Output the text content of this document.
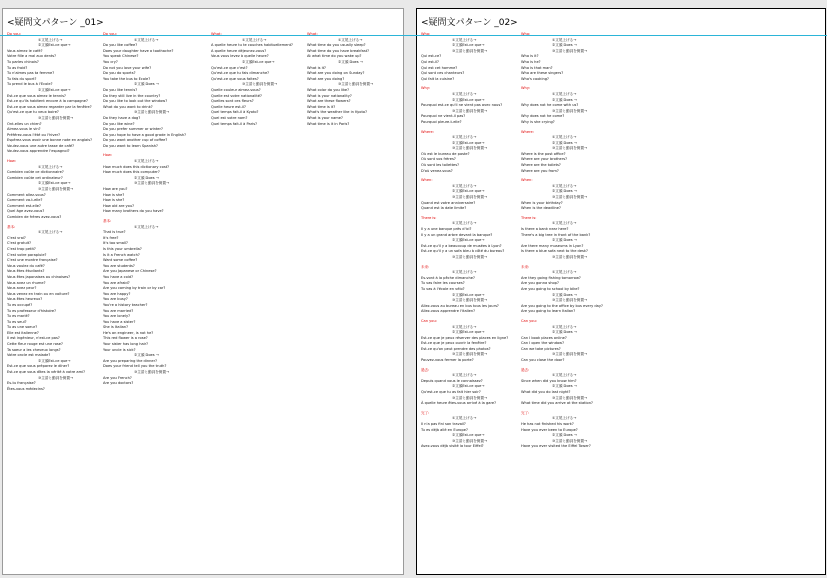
<疑問文パターン _01>
Do you:
①文尾上げる→
②文頭Est-ce que→
Vous aimez le café?
Votre fille a mal aux dents?
Tu parles chinois?
Tu as froid?
Tu n'aimes pas ta femme?
Tu fais du sport?
Tu prend le bus à l'Ecole?
②文頭Est-ce que→
Est-ce que vous aimez le tennis?
Est-ce qu'ils habitent encore à la campagne?
Est-ce que vous aimez regarder par la fenêtre?
Qu'est-ce que tu veux boire?
③主語と動詞を倒置→
Ont-elles un chien?
Aimez-vous le vin?
Préférez-vous l'été ou l'hiver?
Espérez-vous avoir une bonne note en anglais?
Voulez-vous une autre tasse de café?
Voulez-vous apprendre l'espagnol?
How:
①文尾上げる→
Combien coûte ce dictionnaire?
Combien coûte cet ordinateur?
②文頭Est-ce que→
③主語と動詞を倒置→
Comment allez-vous?
Comment va-t-elle?
Comment est-elle?
Quel âge avez-vous?
Combien de frères avez-vous?
基本:
①文尾上げる→
C'est vrai?
C'est gratuit?
C'est trop petit?
C'est votre parapluie?
C'est une montre française?
Vous voulez du café?
Vous êtes étudiants?
Vous êtes japonaises ou chinoises?
Vous avez un rhume?
Vous avez peur?
Vous venez en train ou en voiture?
Vous êtes heureux?
Tu es occupé?
Tu es professeur d'histoire?
Tu es marié?
Tu es seul?
Tu as une soeur?
Elle est italienne?
Il est ingénieur, n'est-ce pas?
Cette fleur rouge est une rose?
Ta soeur a les cheveux longs?
Votre oncle est malade?
②文頭Est-ce que→
Est-ce que vous préparez le dîner?
Est-ce que vous dîtes la vérité à votre ami?
③主語と動詞を倒置→
Es-tu française?
Êtes-vous médecins?
Do you:
①文尾上げる→
Do you like coffee?
Does your daughter have a toothache?
You speak Chinese?
You cry?
Do not you love your wife?
Do you do sports?
You take the bus to Ecole?
②文頭 Does →
Do you like tennis?
Do they still live in the country?
Do you like to look out the window?
What do you want to drink?
③主語と動詞を倒置→
Do they have a dog?
Do you like wine?
Do you prefer summer or winter?
Do you hope to have a good grade in English?
Do you want another cup of coffee?
Do you want to learn Spanish?
How:
①文尾上げる→
How much does this dictionary cost?
How much does this computer?
②文頭 Does →
③主語と動詞を倒置→
How are you?
How is she?
How is she?
How old are you?
How many brothers do you have?
基本:
①文尾上げる→
That is true?
It's free?
It's too small?
Is this your umbrella?
Is it a French watch?
Want some coffee?
You are students?
Are you Japanese or Chinese?
You have a cold?
You are afraid?
Are you coming by train or by car?
You are happy?
You are busy?
You're a history teacher?
You are married?
You are lonely?
You have a sister?
She is Italian?
He's an engineer, is not he?
This red flower is a rose?
Your sister has long hair?
Your uncle is sick?
②文頭 Does →
Are you preparing the dinner?
Does your friend tell you the truth?
③主語と動詞を倒置→
Are you French?
Are you doctors?
What:
①文尾上げる→
A quelle heure tu te couches habituellement?
A quelle heure déjeunez-vous?
Vous vous levez à quelle heure?
②文頭Est-ce que→
Qu'est-ce que c'est?
Qu'est-ce que tu fais dimanche?
Qu'est-ce que vous faites?
③主語と動詞を倒置→
Quelle couleur aimez-vous?
Quelle est votre nationalité?
Quelles sont ces fleurs?
Quelle heure est-il?
Quel temps fait-il à Kyoto?
Quel est votre nom?
Quel temps fait-il à Paris?
What:
①文尾上げる→
What time do you usually sleep?
What time do you have breakfast?
At what time do you wake up?
②文頭 Does →
What is it?
What are you doing on Sunday?
What are you doing?
③主語と動詞を倒置→
What color do you like?
What is your nationality?
What are these flowers?
What time is it?
What's the weather like in Kyoto?
What is your name?
What time is it in Paris?
<疑問文パターン _02>
Who:
①文尾上げる→
②文頭Est-ce que→
③主語と動詞を倒置→
Qui est-ce?
Qui est-il?
Qui est cet homme?
Qui sont ces chanteurs?
Qui fait la cuisine?
Why:
①文尾上げる→
②文頭Est-ce que→
Pourquoi est-ce qu'il ne vient pas avec nous?
③主語と動詞を倒置→
Pourquoi ne vient-il pas?
Pourquoi pleure-t-elle?
Where:
①文尾上げる→
②文頭Est-ce que→
③主語と動詞を倒置→
Où est le bureau de poste?
Où sont vos frères?
Où sont les toilettes?
D'où venez-vous?
When:
①文尾上げる→
②文頭Est-ce que→
③主語と動詞を倒置→
Quand est votre anniversaire?
Quand est la date limite?
There is:
①文尾上げる→
Il y a une banque près d'ici?
Il y a un grand arbre devant la banque?
②文頭Est-ce que→
Est-ce qu'il y a beaucoup de musées à Lyon?
Est-ce qu'il y a un sofa bleu à côté du bureau?
③主語と動詞を倒置→
未来:
①文尾上げる→
Es-vont à la pêche dimanche?
Tu vas faire les courses?
Tu vas à l'école en vélo?
②文頭Est-ce que→
③主語と動詞を倒置→
Allez-vous au bureau en bus tous les jours?
Allez-vous apprendre l'italien?
Can you:
①文尾上げる→
②文頭Est-ce que→
Est-ce que je peux réserver des places en ligne?
Est-ce que je peux ouvrir la fenêtre?
Est-ce qu'on peut prendre des photos?
③主語と動詞を倒置→
Pouvez-vous fermer la porte?
過去:
①文尾上げる→
Depuis quand vous le connaissez?
②文頭Est-ce que→
Qu'est-ce que tu as fait hier soir?
③主語と動詞を倒置→
À quelle heure êtes-vous arrivé à la gare?
完了:
①文尾上げる→
Il n'a pas fini son travail?
Tu es déjà allé en Europe?
②文頭Est-ce que→
③主語と動詞を倒置→
Avez-vous déjà visité la tour Eiffel?
Who:
①文尾上げる→
②文頭 Does →
③主語と動詞を倒置→
Who is it?
Who is he?
Who is that man?
Who are these singers?
Who's cooking?
Why:
①文尾上げる→
②文頭 Does →
Why does not he come with us?
③主語と動詞を倒置→
Why does not he come?
Why is she crying?
Where:
①文尾上げる→
②文頭 Does →
③主語と動詞を倒置→
Where is the post office?
Where are your brothers?
Where are the toilets?
Where are you from?
When:
①文尾上げる→
②文頭 Does →
③主語と動詞を倒置→
When is your birthday?
When is the deadline?
There is:
①文尾上げる→
Is there a bank near here?
There's a big tree in front of the bank?
②文頭 Does →
Are there many museums in Lyon?
Is there a blue sofa next to the desk?
③主語と動詞を倒置→
未来:
①文尾上げる→
Are they going fishing tomorrow?
Are you gonna shop?
Are you going to school by bike?
②文頭 Does →
③主語と動詞を倒置→
Are you going to the office by bus every day?
Are you going to learn Italian?
Can you:
①文尾上げる→
②文頭 Does →
Can I book places online?
Can I open the window?
Can we take pictures?
③主語と動詞を倒置→
Can you close the door?
過去:
①文尾上げる→
Since when did you know him?
②文頭 Does →
What did you do last night?
③主語と動詞を倒置→
What time did you arrive at the station?
完了:
①文尾上げる→
He has not finished his work?
Have you ever been to Europe?
②文頭 Does →
③主語と動詞を倒置→
Have you ever visited the Eiffel Tower?
